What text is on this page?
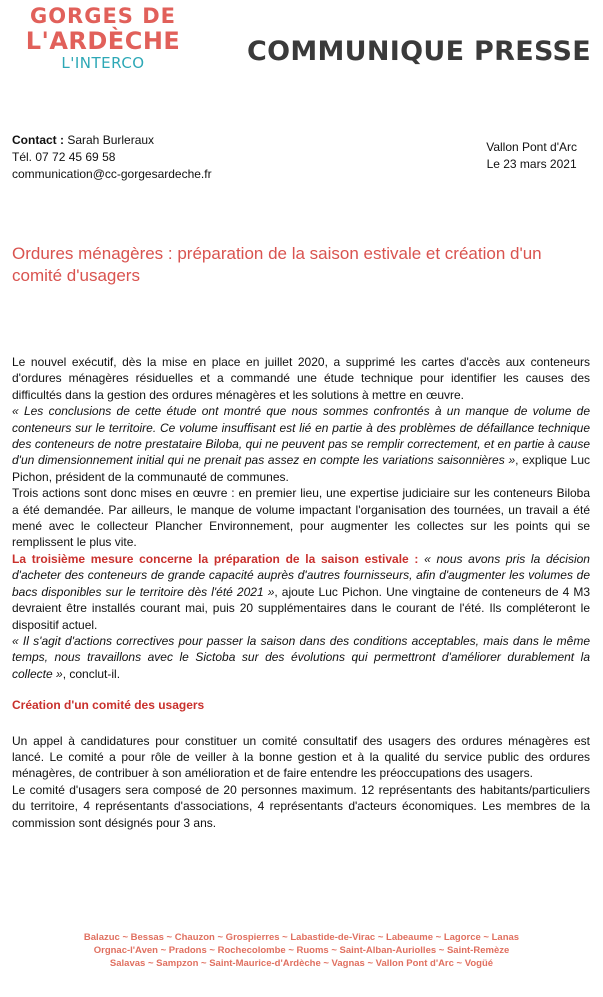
GORGES DE
L'ARDÈCHE
L'INTERCO	COMMUNIQUE PRESSE
Contact : Sarah Burleraux
Tél. 07 72 45 69 58
communication@cc-gorgesardeche.fr
Vallon Pont d'Arc
Le 23 mars 2021
Ordures ménagères : préparation de la saison estivale et création d'un comité d'usagers

Le nouvel exécutif, dès la mise en place en juillet 2020, a supprimé les cartes d'accès aux conteneurs d'ordures ménagères résiduelles et a commandé une étude technique pour identifier les causes des difficultés dans la gestion des ordures ménagères et les solutions à mettre en œuvre.

« Les conclusions de cette étude ont montré que nous sommes confrontés à un manque de volume de conteneurs sur le territoire. Ce volume insuffisant est lié en partie à des problèmes de défaillance technique des conteneurs de notre prestataire Biloba, qui ne peuvent pas se remplir correctement, et en partie à cause d'un dimensionnement initial qui ne prenait pas assez en compte les variations saisonnières », explique Luc Pichon, président de la communauté de communes.

Trois actions sont donc mises en œuvre : en premier lieu, une expertise judiciaire sur les conteneurs Biloba a été demandée. Par ailleurs, le manque de volume impactant l'organisation des tournées, un travail a été mené avec le collecteur Plancher Environnement, pour augmenter les collectes sur les points qui se remplissent le plus vite.

La troisième mesure concerne la préparation de la saison estivale : « nous avons pris la décision d'acheter des conteneurs de grande capacité auprès d'autres fournisseurs, afin d'augmenter les volumes de bacs disponibles sur le territoire dès l'été 2021 », ajoute Luc Pichon. Une vingtaine de conteneurs de 4 M3 devraient être installés courant mai, puis 20 supplémentaires dans le courant de l'été. Ils compléteront le dispositif actuel.

« Il s'agit d'actions correctives pour passer la saison dans des conditions acceptables, mais dans le même temps, nous travaillons avec le Sictoba sur des évolutions qui permettront d'améliorer durablement la collecte », conclut-il.

Création d'un comité des usagers

Un appel à candidatures pour constituer un comité consultatif des usagers des ordures ménagères est lancé. Le comité a pour rôle de veiller à la bonne gestion et à la qualité du service public des ordures ménagères, de contribuer à son amélioration et de faire entendre les préoccupations des usagers.

Le comité d'usagers sera composé de 20 personnes maximum. 12 représentants des habitants/particuliers du territoire, 4 représentants d'associations, 4 représentants d'acteurs économiques. Les membres de la commission sont désignés pour 3 ans.

Balazuc ~ Bessas ~ Chauzon ~ Grospierres ~ Labastide-de-Virac ~ Labeaume ~ Lagorce ~ Lanas
Orgnac-l'Aven ~ Pradons ~ Rochecolombe ~ Ruoms ~ Saint-Alban-Auriolles ~ Saint-Remèze
Salavas ~ Sampzon ~ Saint-Maurice-d'Ardèche ~ Vagnas ~ Vallon Pont d'Arc ~ Vogüé
